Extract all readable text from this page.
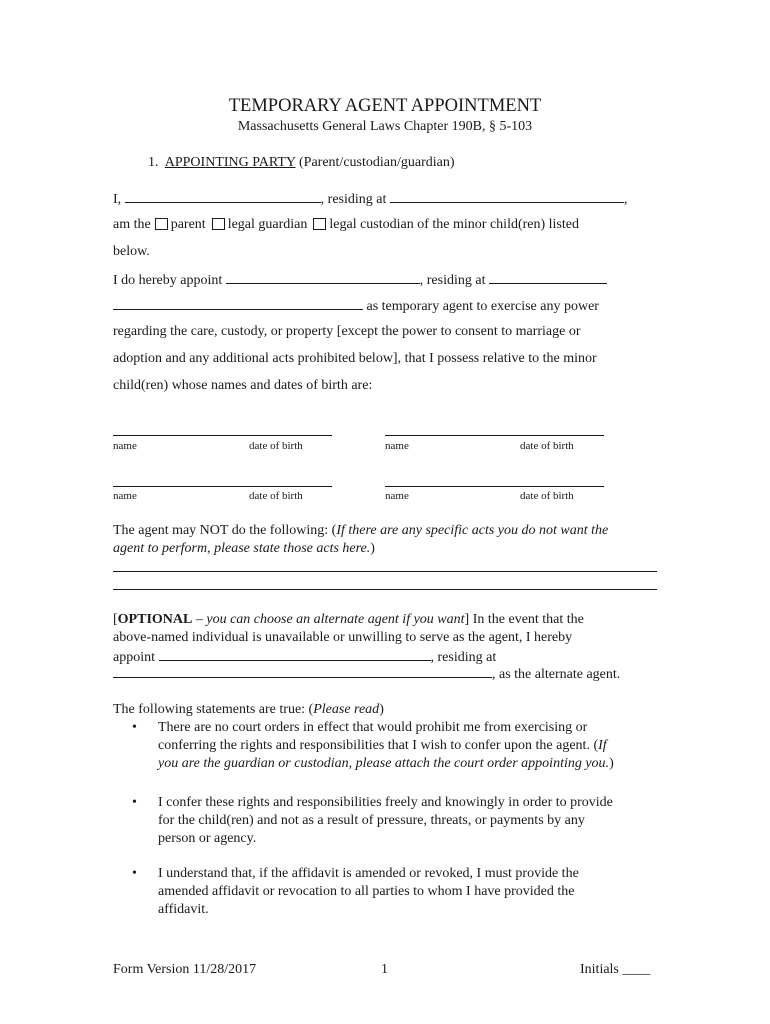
TEMPORARY AGENT APPOINTMENT
Massachusetts General Laws Chapter 190B, § 5-103
1. APPOINTING PARTY (Parent/custodian/guardian)
I,	, residing at	,
am the parent legal guardian legal custodian of the minor child(ren) listed
below.
I do hereby appoint	, residing at
as temporary agent to exercise any power
regarding the care, custody, or property [except the power to consent to marriage or
adoption and any additional acts prohibited below], that I possess relative to the minor
child(ren) whose names and dates of birth are:
name	date of birth	name	date of birth
name	date of birth	name	date of birth
The agent may NOT do the following: (If there are any specific acts you do not want the
agent to perform, please state those acts here.)
[OPTIONAL – you can choose an alternate agent if you want] In the event that the
above-named individual is unavailable or unwilling to serve as the agent, I hereby
appoint	, residing at
, as the alternate agent.
The following statements are true: (Please read)
• There are no court orders in effect that would prohibit me from exercising or
conferring the rights and responsibilities that I wish to confer upon the agent. (If
you are the guardian or custodian, please attach the court order appointing you.)
• I confer these rights and responsibilities freely and knowingly in order to provide
for the child(ren) and not as a result of pressure, threats, or payments by any
person or agency.
• I understand that, if the affidavit is amended or revoked, I must provide the
amended affidavit or revocation to all parties to whom I have provided the
affidavit.
Form Version 11/28/2017	1	Initials ____
